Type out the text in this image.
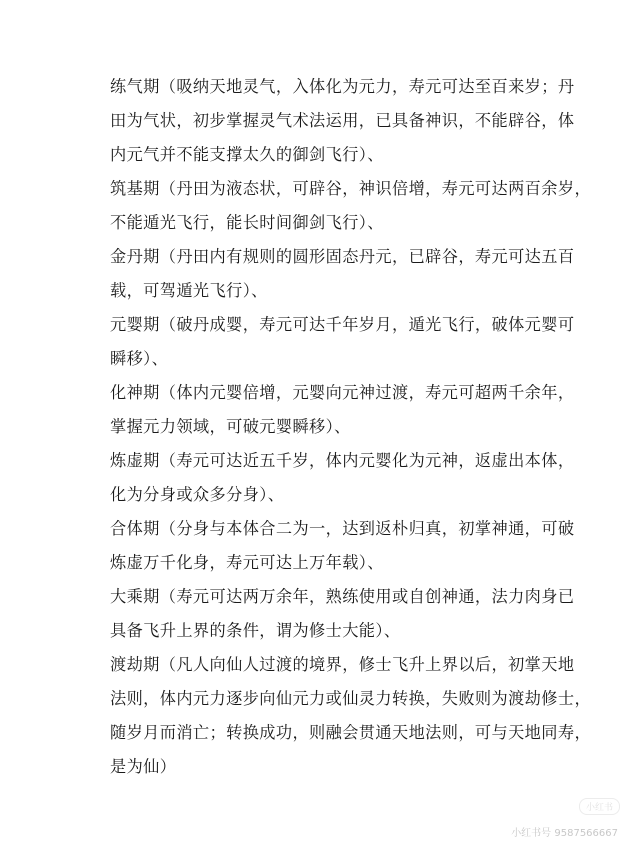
练气期（吸纳天地灵气，入体化为元力，寿元可达至百来岁；丹
田为气状，初步掌握灵气术法运用，已具备神识，不能辟谷，体
内元气并不能支撑太久的御剑飞行）、
筑基期（丹田为液态状，可辟谷，神识倍增，寿元可达两百余岁，
不能遁光飞行，能长时间御剑飞行）、
金丹期（丹田内有规则的圆形固态丹元，已辟谷，寿元可达五百
载，可驾遁光飞行）、
元婴期（破丹成婴，寿元可达千年岁月，遁光飞行，破体元婴可
瞬移）、
化神期（体内元婴倍增，元婴向元神过渡，寿元可超两千余年，
掌握元力领域，可破元婴瞬移）、
炼虚期（寿元可达近五千岁，体内元婴化为元神，返虚出本体，
化为分身或众多分身）、
合体期（分身与本体合二为一，达到返朴归真，初掌神通，可破
炼虚万千化身，寿元可达上万年载）、
大乘期（寿元可达两万余年，熟练使用或自创神通，法力肉身已
具备飞升上界的条件，谓为修士大能）、
渡劫期（凡人向仙人过渡的境界，修士飞升上界以后，初掌天地
法则，体内元力逐步向仙元力或仙灵力转换，失败则为渡劫修士，
随岁月而消亡；转换成功，则融会贯通天地法则，可与天地同寿，
是为仙）
小红书
小红书号 9587566667
